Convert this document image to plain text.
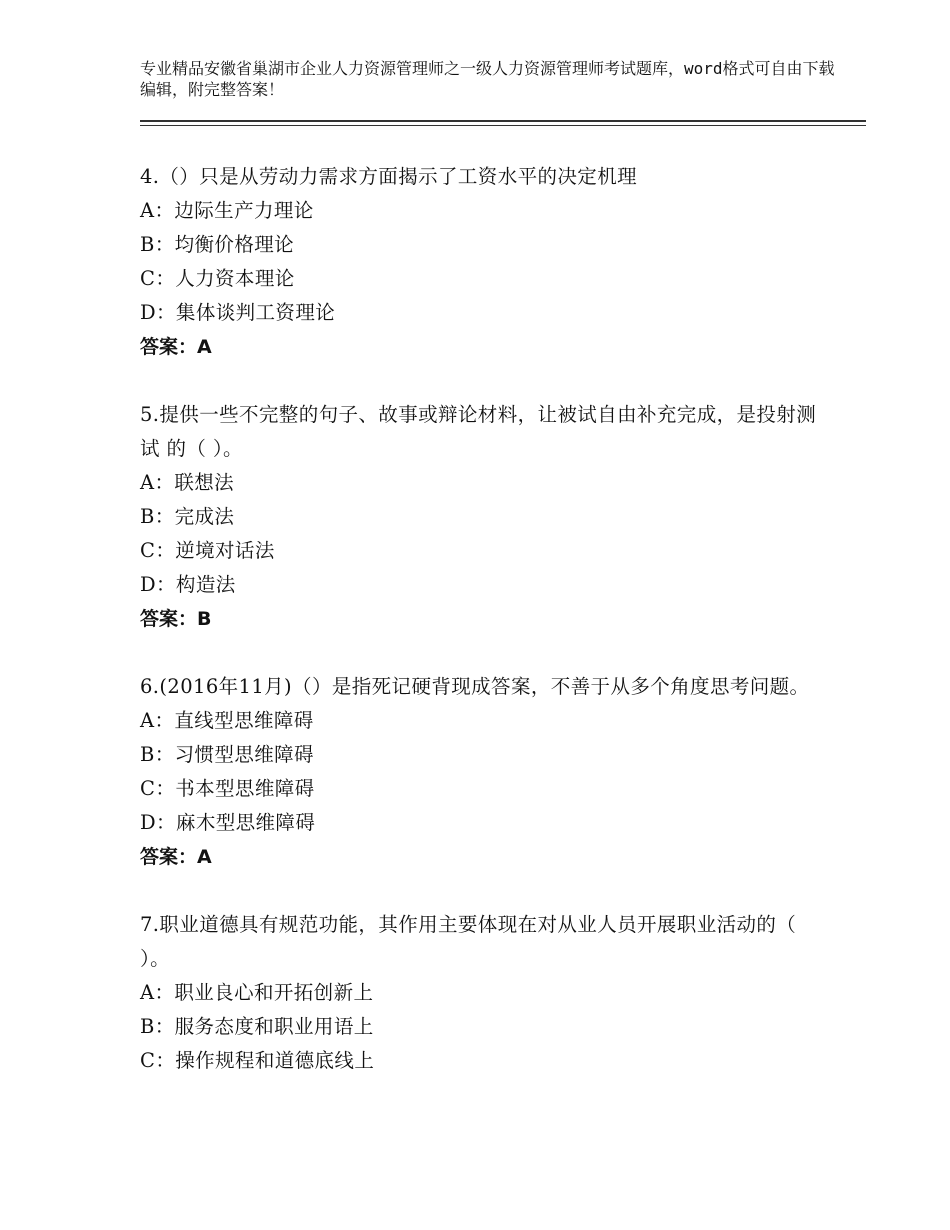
专业精品安徽省巢湖市企业人力资源管理师之一级人力资源管理师考试题库，word格式可自由下载编辑，附完整答案！
4.（）只是从劳动力需求方面揭示了工资水平的决定机理
A：边际生产力理论
B：均衡价格理论
C：人力资本理论
D：集体谈判工资理论
答案：A
5.提供一些不完整的句子、故事或辩论材料，让被试自由补充完成，是投射测试 的（ ）。
A：联想法
B：完成法
C：逆境对话法
D：构造法
答案：B
6.(2016年11月)（）是指死记硬背现成答案，不善于从多个角度思考问题。
A：直线型思维障碍
B：习惯型思维障碍
C：书本型思维障碍
D：麻木型思维障碍
答案：A
7.职业道德具有规范功能，其作用主要体现在对从业人员开展职业活动的（ ）。
A：职业良心和开拓创新上
B：服务态度和职业用语上
C：操作规程和道德底线上
